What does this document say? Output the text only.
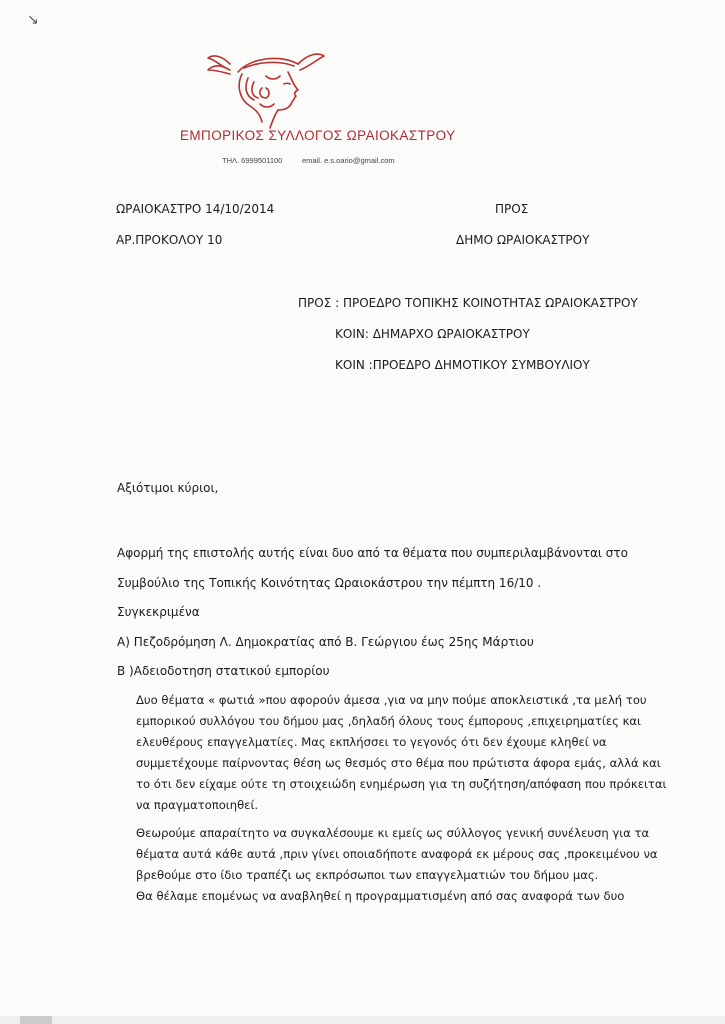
↘
ΕΜΠΟΡΙΚΟΣ ΣΥΛΛΟΓΟΣ ΩΡΑΙΟΚΑΣΤΡΟΥ
ΤΗΛ. 6999501100	email. e.s.oario@gmail.com
ΩΡΑΙΟΚΑΣΤΡΟ 14/10/2014	ΠΡΟΣ
ΑΡ.ΠΡΟΚΟΛΟΥ 10	ΔΗΜΟ ΩΡΑΙΟΚΑΣΤΡΟΥ
ΠΡΟΣ : ΠΡΟΕΔΡΟ ΤΟΠΙΚΗΣ ΚΟΙΝΟΤΗΤΑΣ ΩΡΑΙΟΚΑΣΤΡΟΥ
ΚΟΙΝ: ΔΗΜΑΡΧΟ ΩΡΑΙΟΚΑΣΤΡΟΥ
ΚΟΙΝ :ΠΡΟΕΔΡΟ ΔΗΜΟΤΙΚΟΥ ΣΥΜΒΟΥΛΙΟΥ
Αξιότιμοι κύριοι,
Αφορμή της επιστολής αυτής είναι δυο από τα θέματα που συμπεριλαμβάνονται στο
Συμβούλιο της Τοπικής Κοινότητας Ωραιοκάστρου την πέμπτη 16/10 .
Συγκεκριμένα
Α) Πεζοδρόμηση Λ. Δημοκρατίας από Β. Γεώργιου έως 25ης Μάρτιου
Β )Αδειοδοτηση στατικού εμπορίου
Δυο θέματα « φωτιά »που αφορούν άμεσα ,για να μην πούμε αποκλειστικά ,τα μελή του
εμπορικού συλλόγου του δήμου μας ,δηλαδή όλους τους έμπορους ,επιχειρηματίες και
ελευθέρους επαγγελματίες. Μας εκπλήσσει το γεγονός ότι δεν έχουμε κληθεί να
συμμετέχουμε παίρνοντας θέση ως θεσμός στο θέμα που πρώτιστα άφορα εμάς, αλλά και
το ότι δεν είχαμε ούτε τη στοιχειώδη ενημέρωση για τη συζήτηση/απόφαση που πρόκειται
να πραγματοποιηθεί.
Θεωρούμε απαραίτητο να συγκαλέσουμε κι εμείς ως σύλλογος γενική συνέλευση για τα
θέματα αυτά κάθε αυτά ,πριν γίνει οποιαδήποτε αναφορά εκ μέρους σας ,προκειμένου να
βρεθούμε στο ίδιο τραπέζι ως εκπρόσωποι των επαγγελματιών του δήμου μας.
Θα θέλαμε επομένως να αναβληθεί η προγραμματισμένη από σας αναφορά των δυο
